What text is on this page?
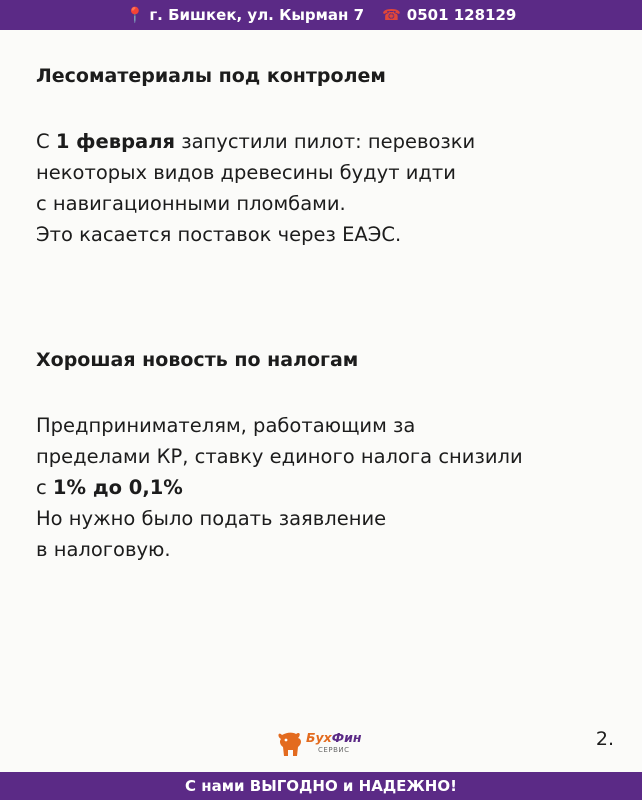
📍 г. Бишкек, ул. Кырман 7 ☎ 0501 128129
Лесоматериалы под контролем
С 1 февраля запустили пилот: перевозки
некоторых видов древесины будут идти
с навигационными пломбами.
Это касается поставок через ЕАЭС.
Хорошая новость по налогам
Предпринимателям, работающим за
пределами КР, ставку единого налога снизили
с 1% до 0,1%
Но нужно было подать заявление
в налоговую.
БухФин
СЕРВИС	2.
С нами ВЫГОДНО и НАДЕЖНО!
